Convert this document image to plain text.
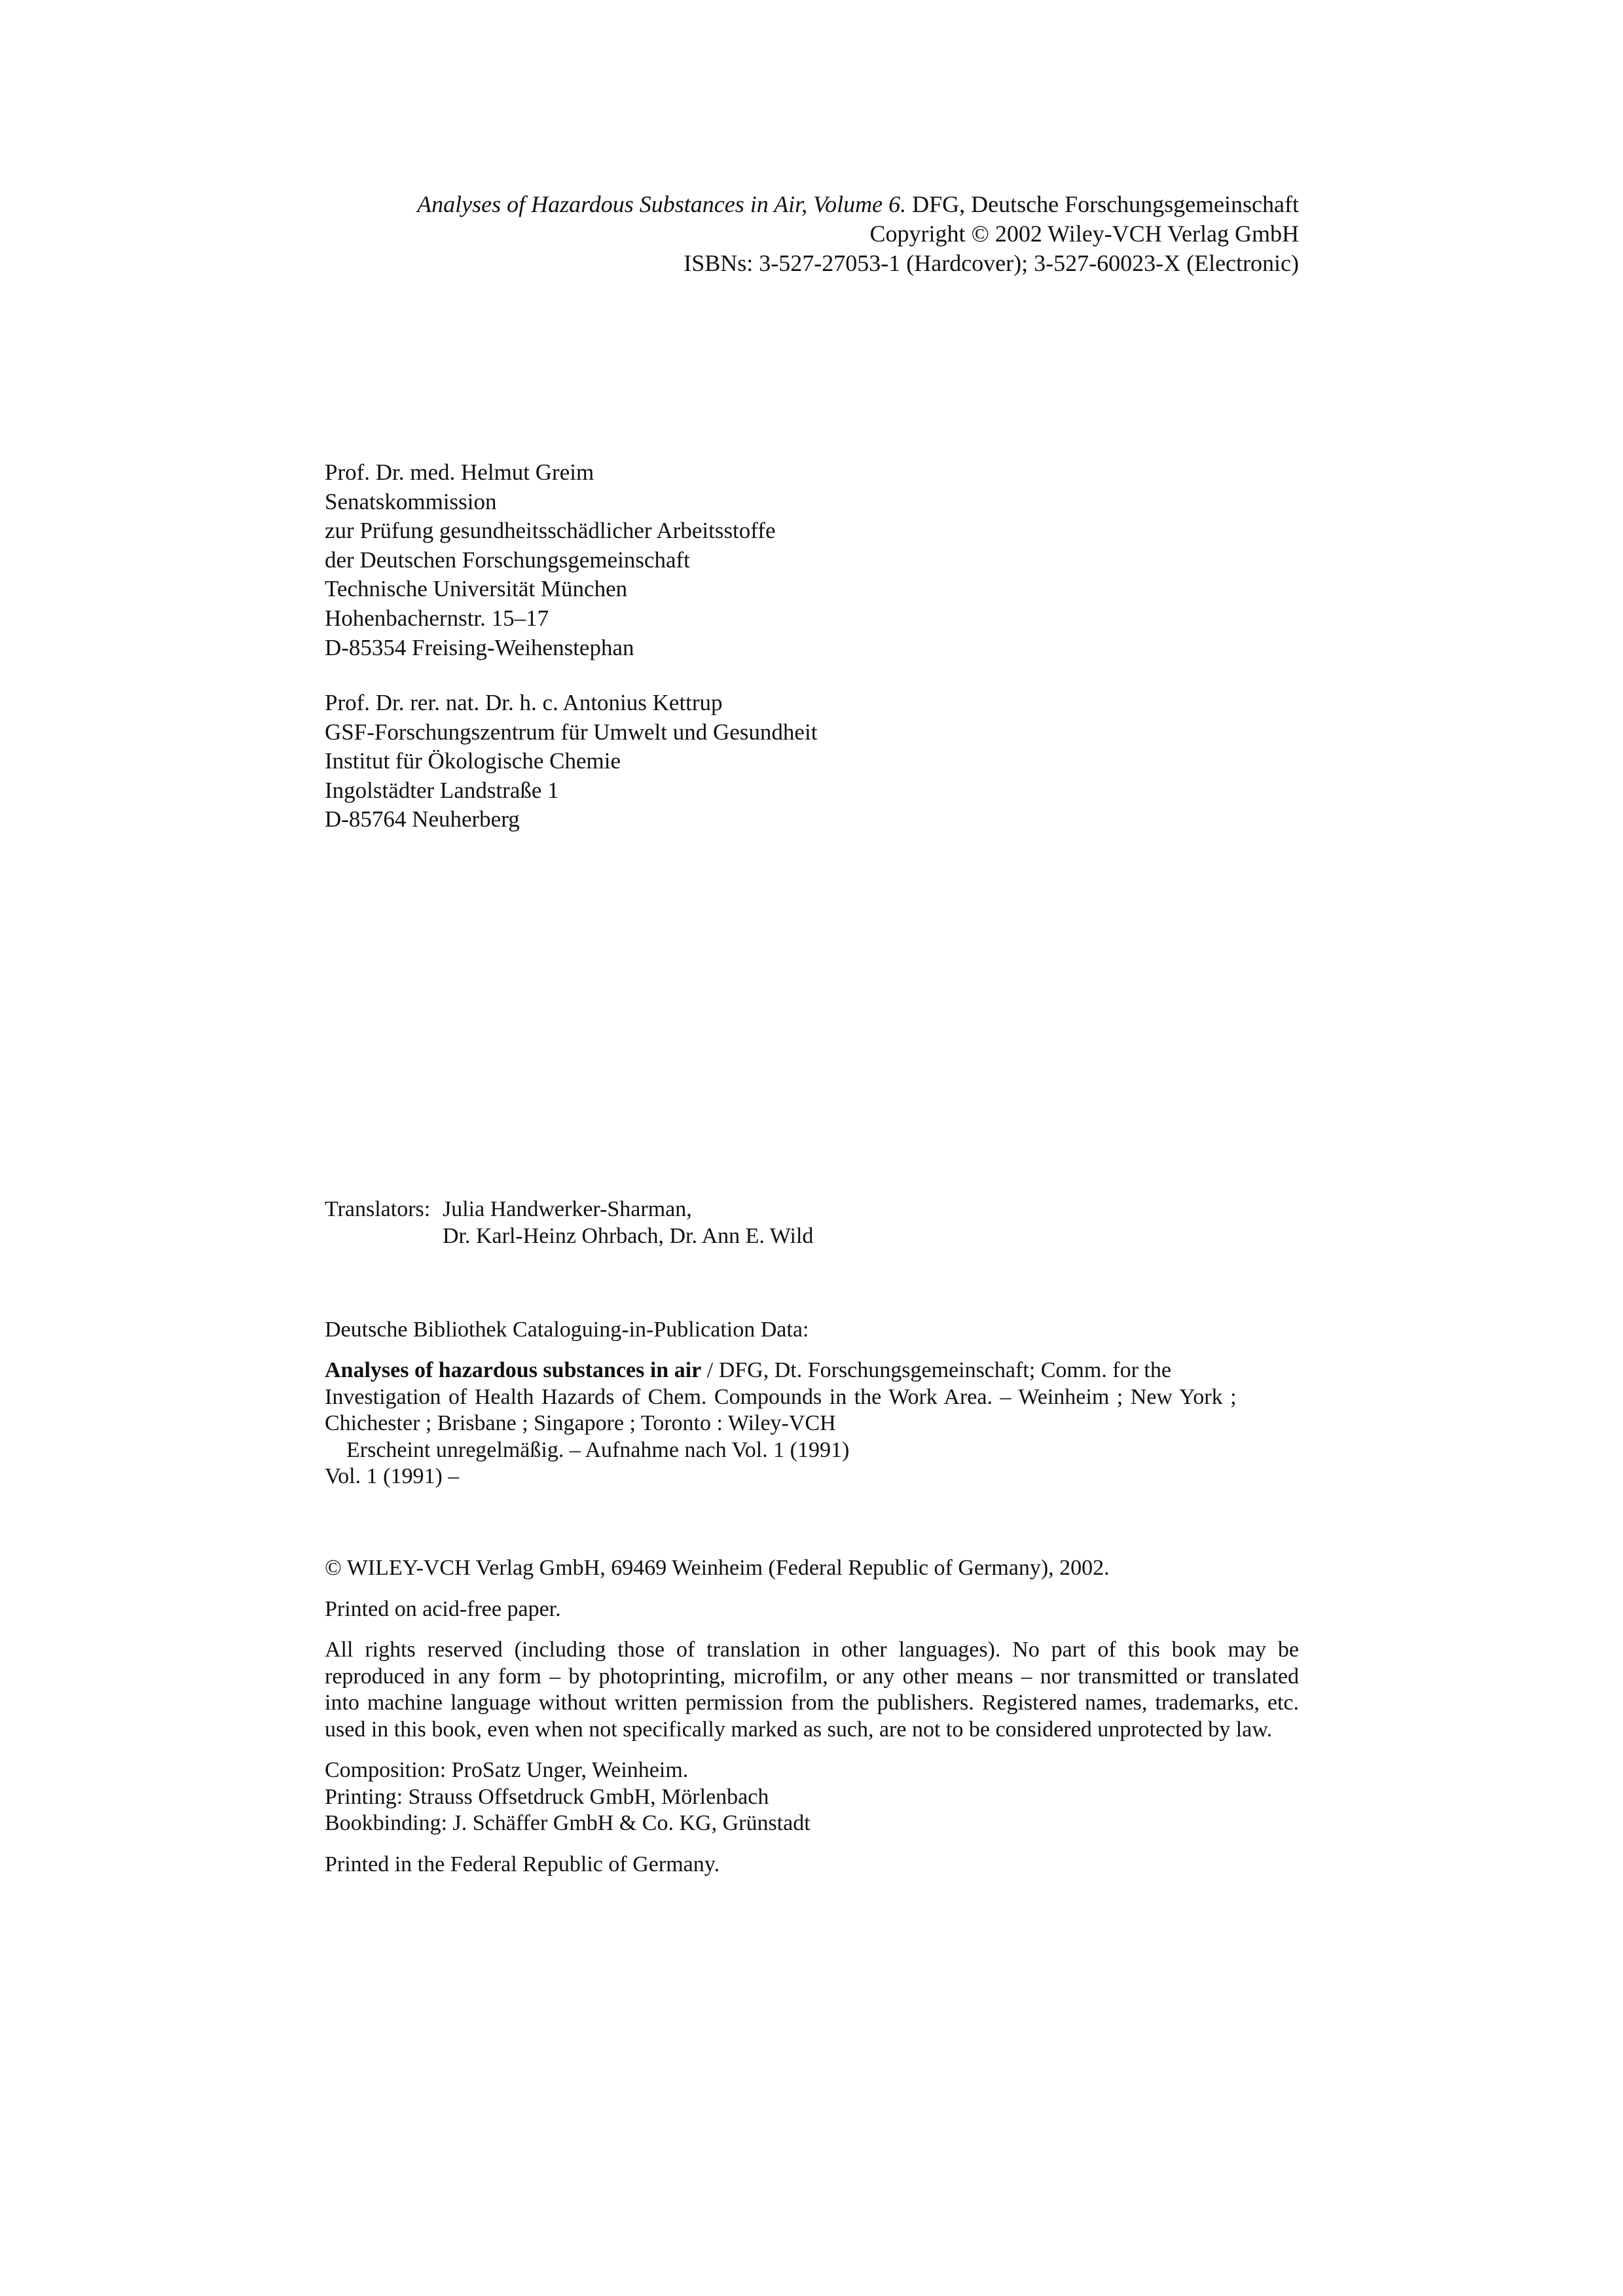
Analyses of Hazardous Substances in Air, Volume 6. DFG, Deutsche Forschungsgemeinschaft
Copyright © 2002 Wiley-VCH Verlag GmbH
ISBNs: 3-527-27053-1 (Hardcover); 3-527-60023-X (Electronic)
Prof. Dr. med. Helmut Greim
Senatskommission
zur Prüfung gesundheitsschädlicher Arbeitsstoffe
der Deutschen Forschungsgemeinschaft
Technische Universität München
Hohenbachernstr. 15–17
D-85354 Freising-Weihenstephan
Prof. Dr. rer. nat. Dr. h. c. Antonius Kettrup
GSF-Forschungszentrum für Umwelt und Gesundheit
Institut für Ökologische Chemie
Ingolstädter Landstraße 1
D-85764 Neuherberg
Translators: Julia Handwerker-Sharman,
Dr. Karl-Heinz Ohrbach, Dr. Ann E. Wild
Deutsche Bibliothek Cataloguing-in-Publication Data:
Analyses of hazardous substances in air / DFG, Dt. Forschungsgemeinschaft; Comm. for the
Investigation of Health Hazards of Chem. Compounds in the Work Area. – Weinheim ; New York ;
Chichester ; Brisbane ; Singapore ; Toronto : Wiley-VCH
Erscheint unregelmäßig. – Aufnahme nach Vol. 1 (1991)
Vol. 1 (1991) –
© WILEY-VCH Verlag GmbH, 69469 Weinheim (Federal Republic of Germany), 2002.
Printed on acid-free paper.
All rights reserved (including those of translation in other languages). No part of this book may be reproduced in any form – by photoprinting, microfilm, or any other means – nor transmitted or translated into machine language without written permission from the publishers. Registered names, trademarks, etc. used in this book, even when not specifically marked as such, are not to be considered unprotected by law.
Composition: ProSatz Unger, Weinheim.
Printing: Strauss Offsetdruck GmbH, Mörlenbach
Bookbinding: J. Schäffer GmbH & Co. KG, Grünstadt
Printed in the Federal Republic of Germany.
